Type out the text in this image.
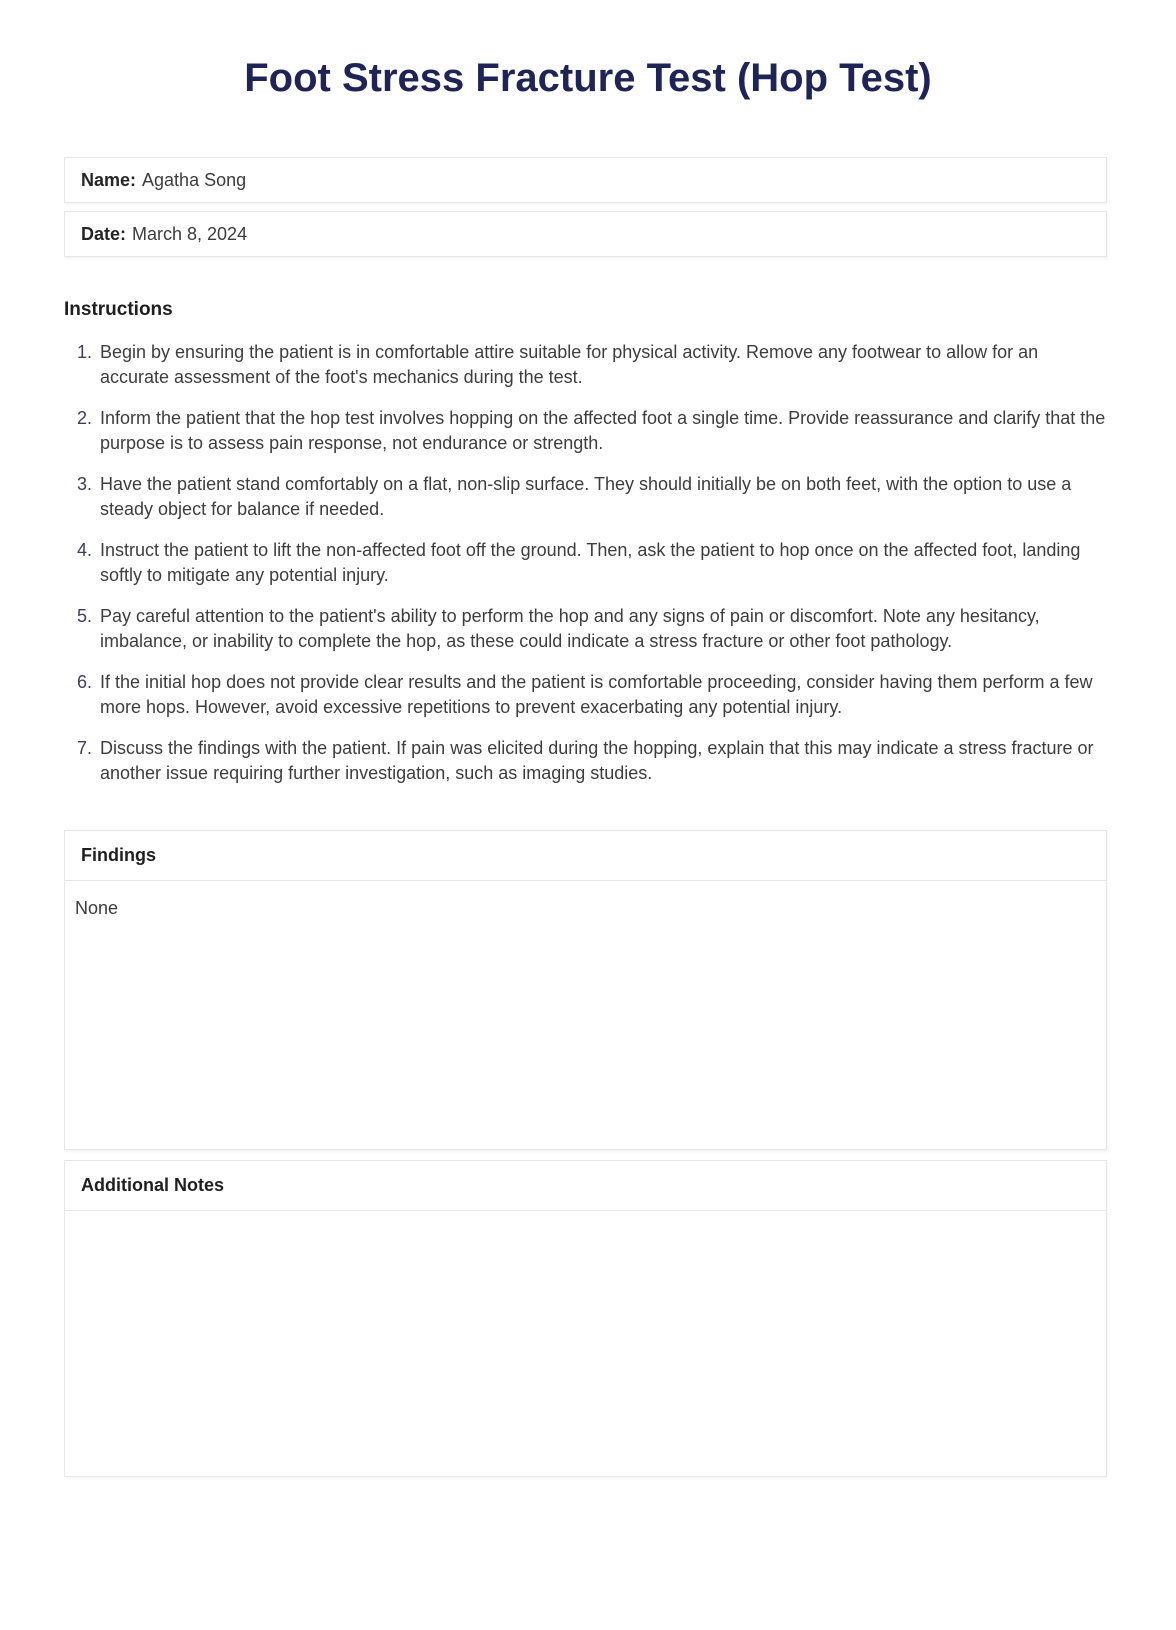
Foot Stress Fracture Test (Hop Test)
Name: Agatha Song
Date: March 8, 2024
Instructions
1. Begin by ensuring the patient is in comfortable attire suitable for physical activity. Remove any footwear to allow for an accurate assessment of the foot's mechanics during the test.
2. Inform the patient that the hop test involves hopping on the affected foot a single time. Provide reassurance and clarify that the purpose is to assess pain response, not endurance or strength.
3. Have the patient stand comfortably on a flat, non-slip surface. They should initially be on both feet, with the option to use a steady object for balance if needed.
4. Instruct the patient to lift the non-affected foot off the ground. Then, ask the patient to hop once on the affected foot, landing softly to mitigate any potential injury.
5. Pay careful attention to the patient's ability to perform the hop and any signs of pain or discomfort. Note any hesitancy, imbalance, or inability to complete the hop, as these could indicate a stress fracture or other foot pathology.
6. If the initial hop does not provide clear results and the patient is comfortable proceeding, consider having them perform a few more hops. However, avoid excessive repetitions to prevent exacerbating any potential injury.
7. Discuss the findings with the patient. If pain was elicited during the hopping, explain that this may indicate a stress fracture or another issue requiring further investigation, such as imaging studies.
Findings
None
Additional Notes
